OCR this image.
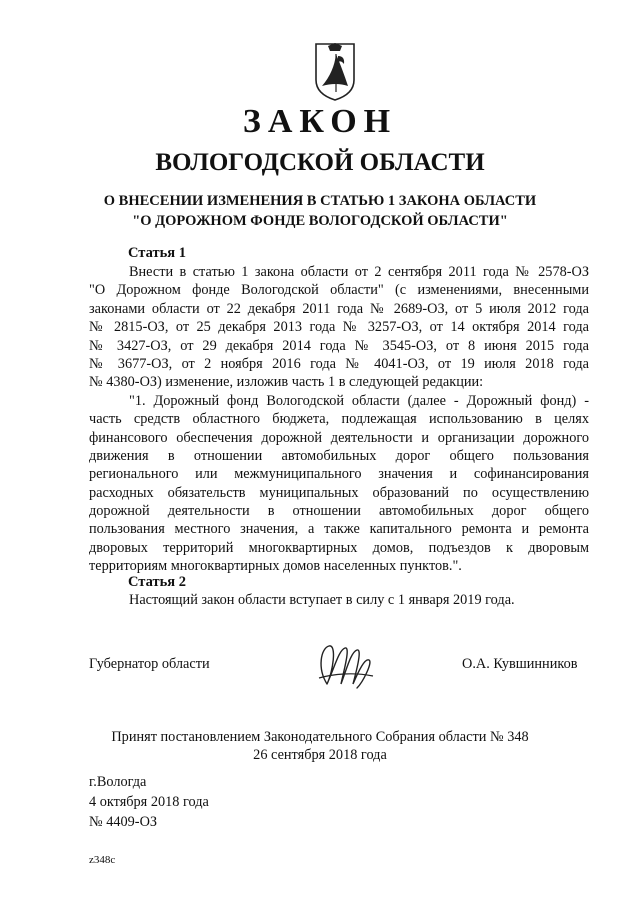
ЗАКОН
ВОЛОГОДСКОЙ ОБЛАСТИ
О ВНЕСЕНИИ ИЗМЕНЕНИЯ В СТАТЬЮ 1 ЗАКОНА ОБЛАСТИ
"О ДОРОЖНОМ ФОНДЕ ВОЛОГОДСКОЙ ОБЛАСТИ"
Статья 1
Внести в статью 1 закона области от 2 сентября 2011 года № 2578-ОЗ
"О Дорожном фонде Вологодской области" (с изменениями, внесенными
законами области от 22 декабря 2011 года № 2689-ОЗ, от 5 июля 2012 года
№ 2815-ОЗ, от 25 декабря 2013 года № 3257-ОЗ, от 14 октября 2014 года
№ 3427-ОЗ, от 29 декабря 2014 года № 3545-ОЗ, от 8 июня 2015 года
№ 3677-ОЗ, от 2 ноября 2016 года № 4041-ОЗ, от 19 июля 2018 года
№ 4380-ОЗ) изменение, изложив часть 1 в следующей редакции:
"1. Дорожный фонд Вологодской области (далее - Дорожный фонд) -
часть средств областного бюджета, подлежащая использованию в целях
финансового обеспечения дорожной деятельности и организации дорожного
движения в отношении автомобильных дорог общего пользования
регионального или межмуниципального значения и софинансирования
расходных обязательств муниципальных образований по осуществлению
дорожной деятельности в отношении автомобильных дорог общего
пользования местного значения, а также капитального ремонта и ремонта
дворовых территорий многоквартирных домов, подъездов к дворовым
территориям многоквартирных домов населенных пунктов.".
Статья 2
Настоящий закон области вступает в силу с 1 января 2019 года.
Губернатор области	О.А. Кувшинников
Принят постановлением Законодательного Собрания области № 348
26 сентября 2018 года
г.Вологда
4 октября 2018 года
№ 4409-ОЗ
z348c
